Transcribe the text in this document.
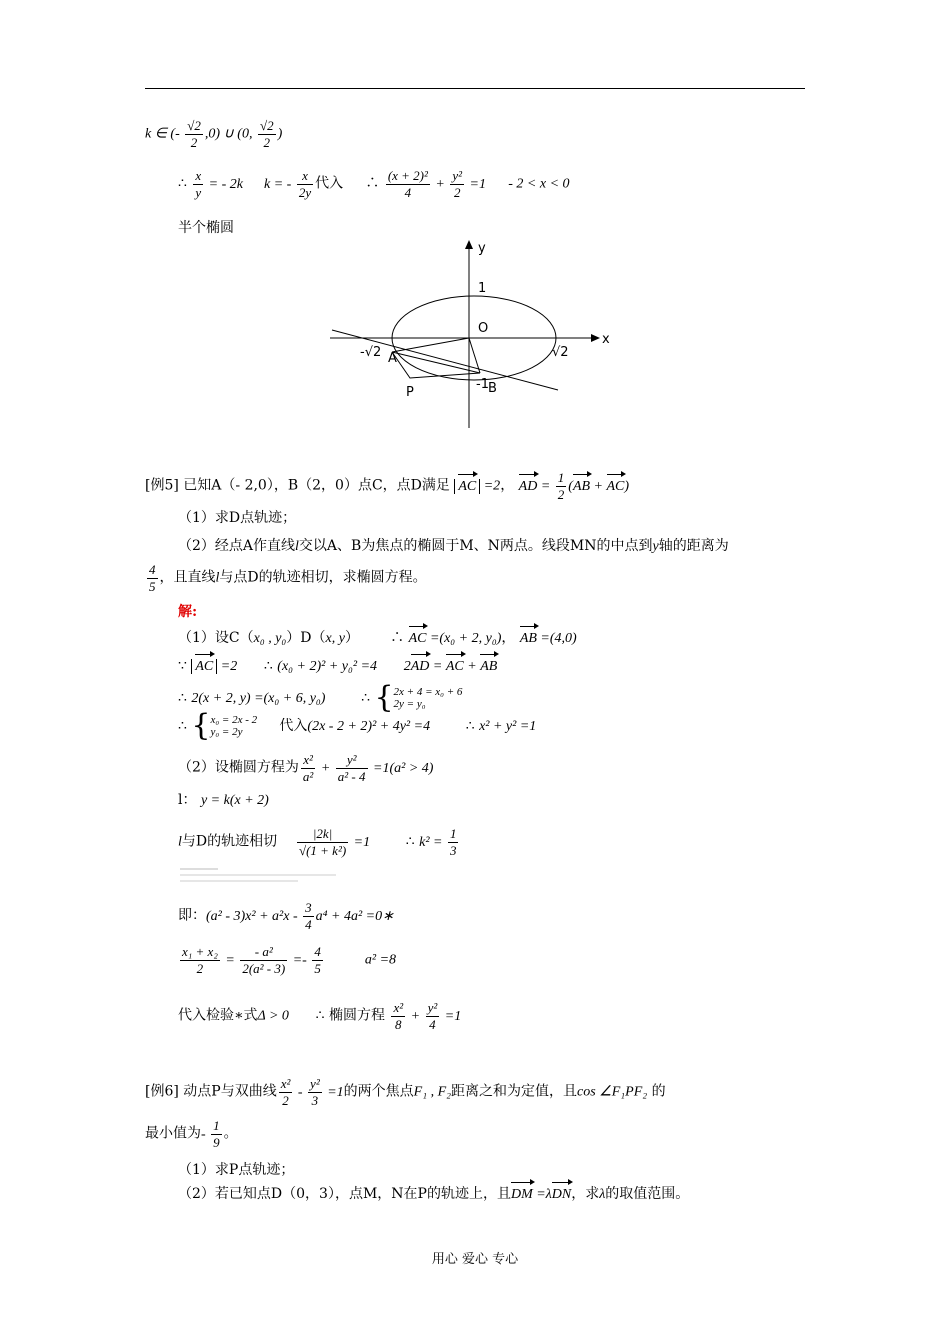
k ∈ (- $\frac{√2}{2} ,0$) ∪ (0, $\frac{√2}{2}$ )
∴ $\frac{x}{y}$ = - 2k      k = - $\frac{x}{2y}$ 代入 ∴ $\frac{\text{(x + 2)²}}{4} + \frac{\text{y²}}{2} =1 - 2 < x < 0$
半个椭圆
y
x
1
O
-√2 A	√2
-1 B
P
[例5] 已知A（- 2,0），B（2，0）点C，点D满足 AC =2， AD = $\frac{1}{2} (AB + AC)$
（1）求D点轨迹；
（2）经点A作直线l交以A、B为焦点的椭圆于M、N两点。线段MN的中点到y轴的距离为
$\frac{4}{5}$ ，且直线l与点D的轨迹相切，求椭圆方程。
解:
（1）设C（x₀ , y₀）D（x, y）       ∴ AC =(x₀ + 2, y₀)， AB =(4,0)
∵ AC =2 ∴ (x₀ + 2)² + y₀² =4 2AD = AC + AB
∴ 2(x + 2, y) =(x₀ + 6, y₀)	∴ {2x + 4 = x₀ + 6
2y = y₀
∴ {x₀ = 2x - 2
y₀ = 2y	代入(2x - 2 + 2)² + 4y² =4	∴ x² + y² =1
（2）设椭圆方程为 $\frac{\text{x²}}{\text{a²}} + \frac{\text{y²}}{\text{a² - 4}} =1(a^2 > 4)$
l： y = k(x + 2)
l与D的轨迹相切 $\frac{|2k|}{\text{√(1 + k²)}} =1$	∴ $k^2 = \frac{1}{3}$
即：$(a^2 - 3)x^2 + a^2x - \frac{3}{4} a^4 + 4a^2$ =0∗
$\frac{\text{x₁ + x₂}}{2} = \frac{\text{- a²}}{\text{2(a² - 3)}} =- \frac{4}{5}$	a² =8
代入检验∗式Δ > 0 ∴ 椭圆方程 $\frac{\text{x²}}{8} + \frac{\text{y²}}{4} =1$
[例6] 动点P与双曲线 $\frac{\text{x²}}{2} - \frac{\text{y²}}{3} =1$的两个焦点F₁ , F₂距离之和为定值，且cos ∠F₁PF₂ 的
最小值为- $\frac{1}{9}$ 。
（1）求P点轨迹；
（2）若已知点D（0，3），点M，N在P的轨迹上，且DM =λDN，求λ的取值范围。
用心 爱心 专心
